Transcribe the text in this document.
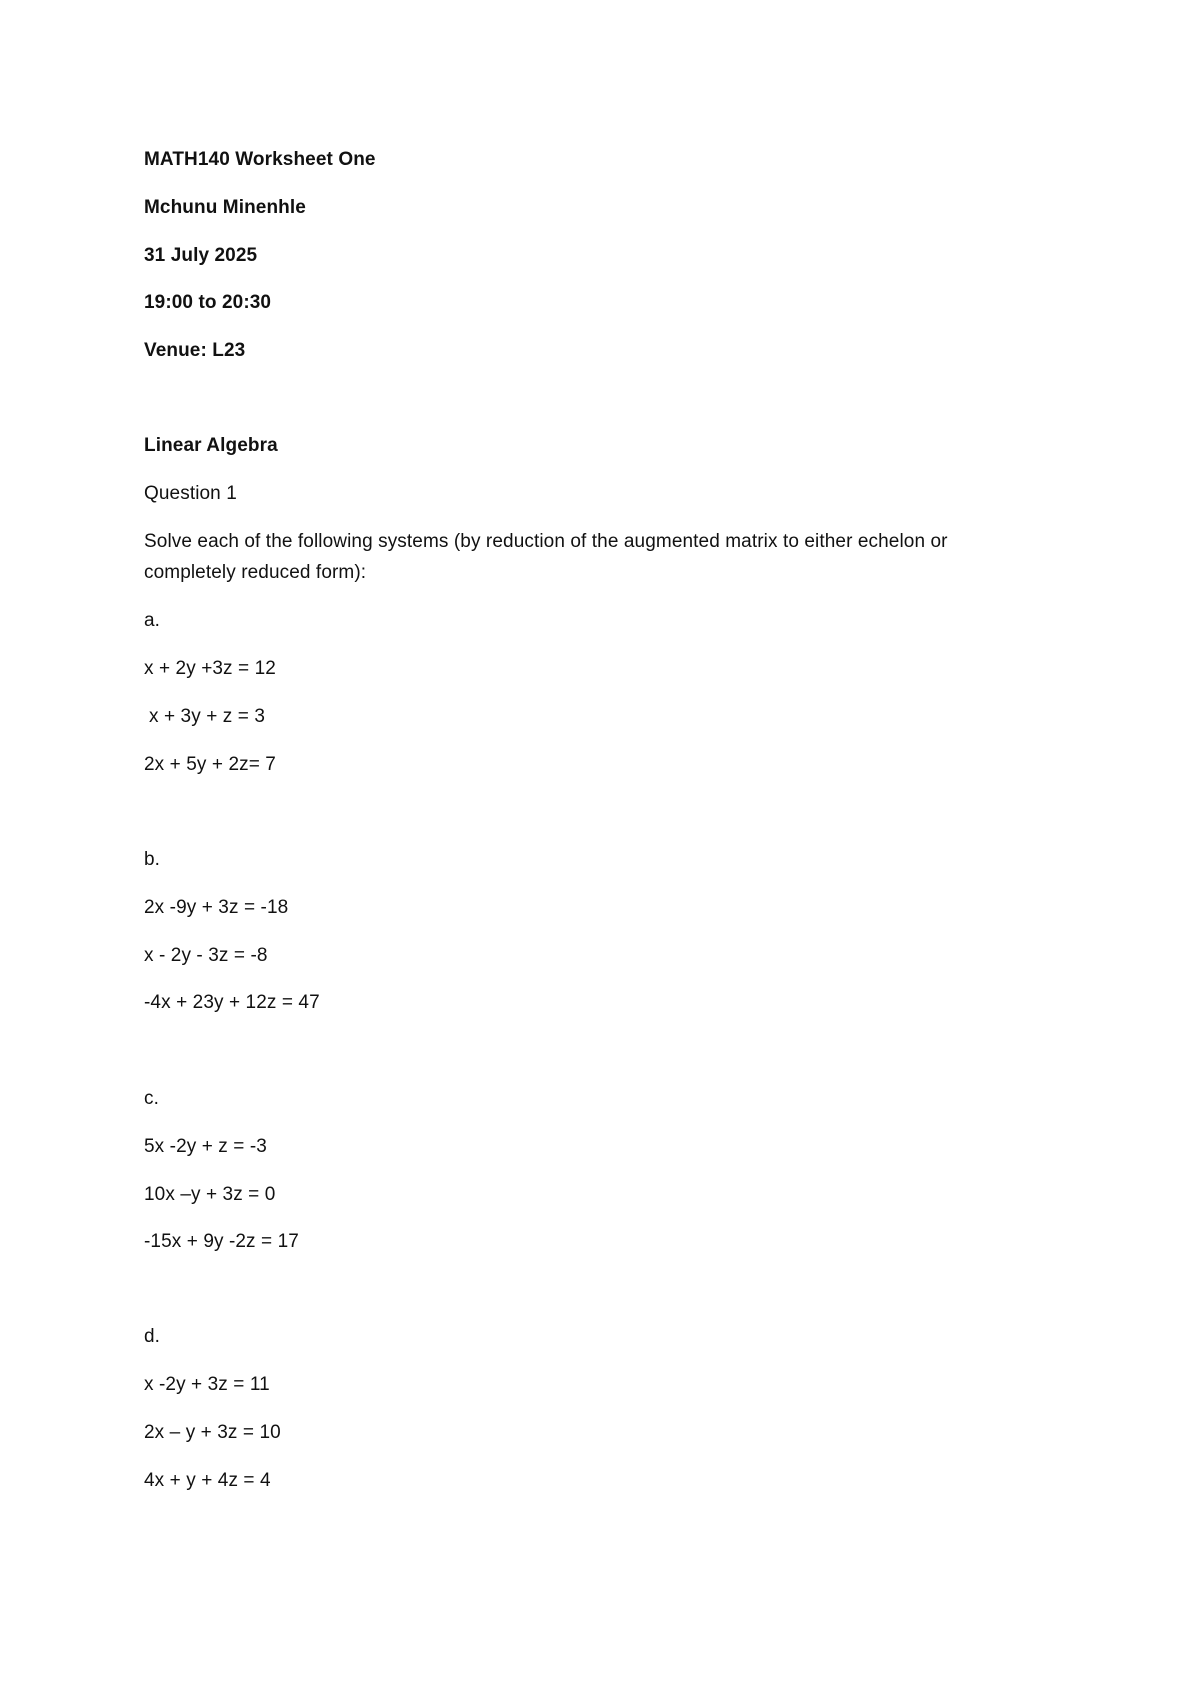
MATH140 Worksheet One
Mchunu Minenhle
31 July 2025
19:00 to 20:30
Venue: L23
Linear Algebra
Question 1
Solve each of the following systems (by reduction of the augmented matrix to either echelon or
completely reduced form):
a.
x + 2y +3z = 12
x + 3y + z = 3
2x + 5y + 2z= 7
b.
2x -9y + 3z = -18
x - 2y - 3z = -8
-4x + 23y + 12z = 47
c.
5x -2y + z = -3
10x –y + 3z = 0
-15x + 9y -2z = 17
d.
x -2y + 3z = 11
2x – y + 3z = 10
4x + y + 4z = 4
